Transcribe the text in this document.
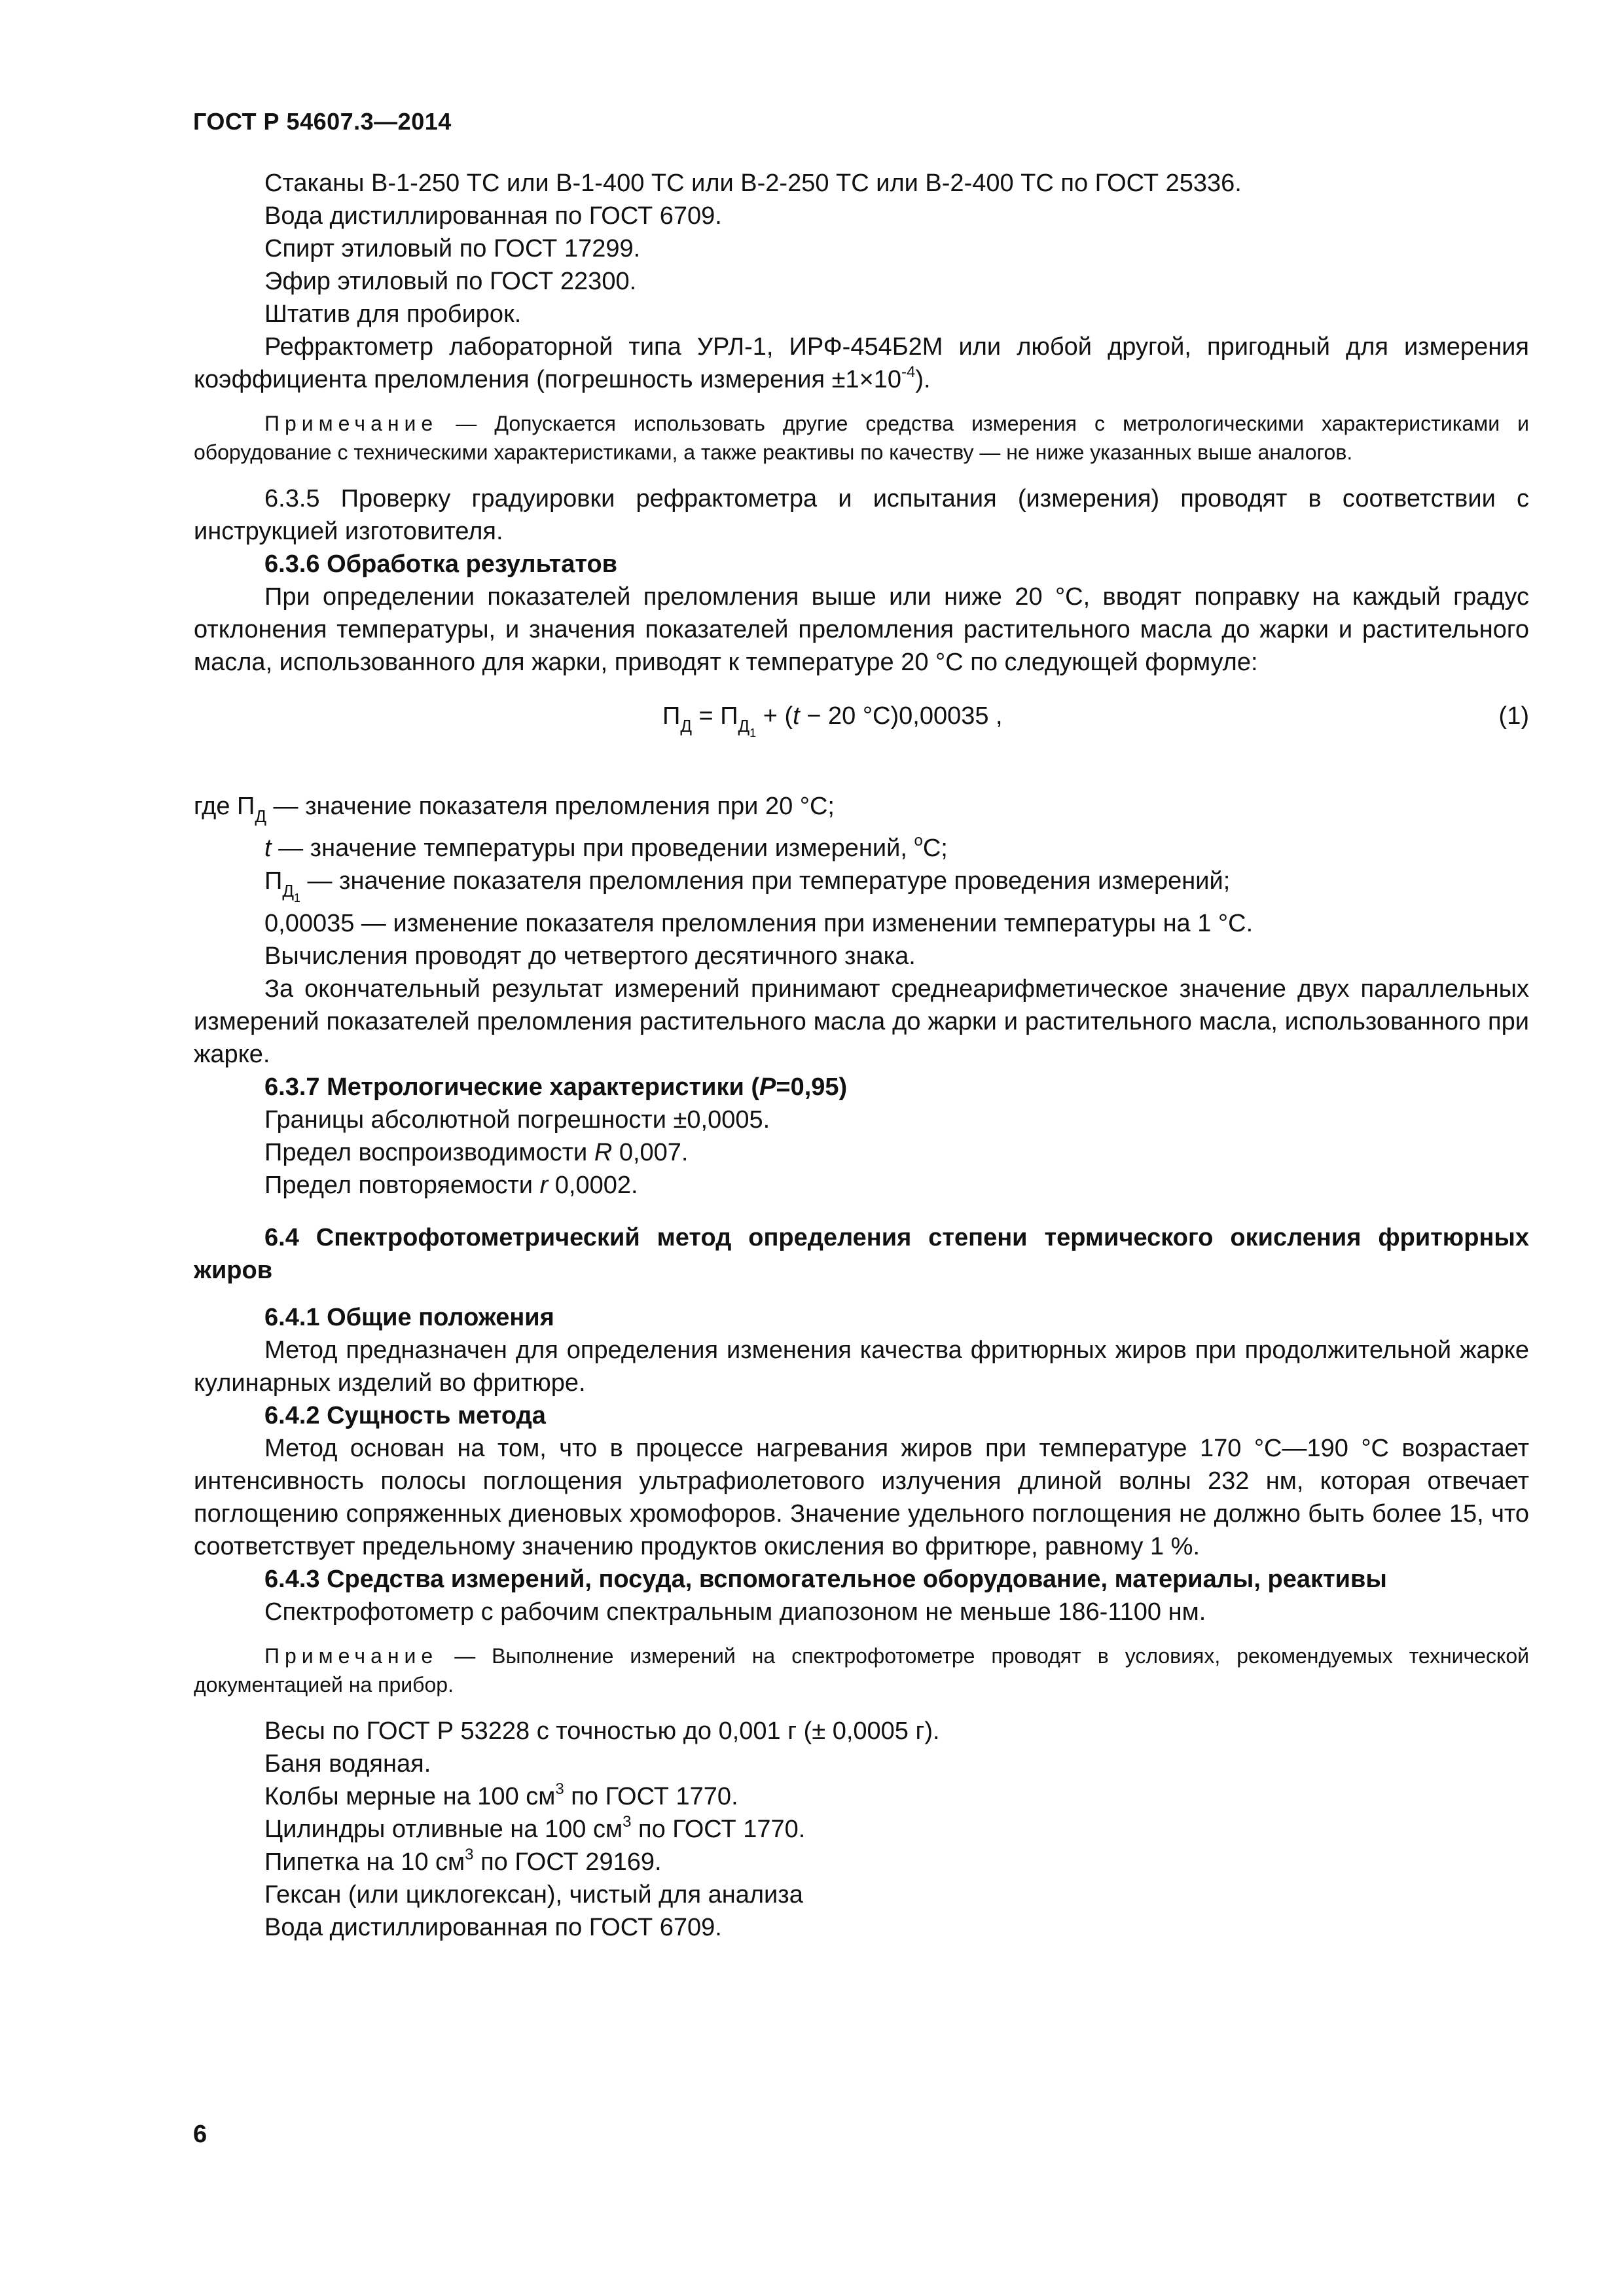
ГОСТ Р 54607.3—2014

Стаканы В-1-250 ТС или В-1-400 ТС или В-2-250 ТС или В-2-400 ТС по ГОСТ 25336.

Вода дистиллированная по ГОСТ 6709.

Спирт этиловый по ГОСТ 17299.

Эфир этиловый по ГОСТ 22300.

Штатив для пробирок.

Рефрактометр лабораторной типа УРЛ-1, ИРФ-454Б2М или любой другой, пригодный для измерения коэффициента преломления (погрешность измерения $\pm 1\times 10^{-4}$).

Примечание — Допускается использовать другие средства измерения с метрологическими характеристиками и оборудование с техническими характеристиками, а также реактивы по качеству — не ниже указанных выше аналогов.

6.3.5 Проверку градуировки рефрактометра и испытания (измерения) проводят в соответствии с инструкцией изготовителя.

6.3.6 Обработка результатов

При определении показателей преломления выше или ниже 20 °С, вводят поправку на каждый градус отклонения температуры, и значения показателей преломления растительного масла до жарки и растительного масла, использованного для жарки, приводят к температуре 20 °С по следующей формуле:

$П_Д = П_{Д_1} + (t - 20$ °С)0,00035 ,	(1)

где $П_Д$ — значение показателя преломления при 20 °С;

t — значение температуры при проведении измерений, $^o$С;

$П_{Д_1}$ — значение показателя преломления при температуре проведения измерений;

0,00035 — изменение показателя преломления при изменении температуры на 1 °С.

Вычисления проводят до четвертого десятичного знака.

За окончательный результат измерений принимают среднеарифметическое значение двух параллельных измерений показателей преломления растительного масла до жарки и растительного масла, использованного при жарке.

6.3.7 Метрологические характеристики (Р=0,95)

Границы абсолютной погрешности ±0,0005.

Предел воспроизводимости R 0,007.

Предел повторяемости r 0,0002.

6.4 Спектрофотометрический метод определения степени термического окисления фритюрных жиров

6.4.1 Общие положения

Метод предназначен для определения изменения качества фритюрных жиров при продолжительной жарке кулинарных изделий во фритюре.

6.4.2 Сущность метода

Метод основан на том, что в процессе нагревания жиров при температуре 170 °С—190 °С возрастает интенсивность полосы поглощения ультрафиолетового излучения длиной волны 232 нм, которая отвечает поглощению сопряженных диеновых хромофоров. Значение удельного поглощения не должно быть более 15, что соответствует предельному значению продуктов окисления во фритюре, равному 1 %.

6.4.3 Средства измерений, посуда, вспомогательное оборудование, материалы, реактивы

Спектрофотометр с рабочим спектральным диапозоном не меньше 186-1100 нм.

Примечание — Выполнение измерений на спектрофотометре проводят в условиях, рекомендуемых технической документацией на прибор.

Весы по ГОСТ Р 53228 с точностью до 0,001 г (± 0,0005 г).

Баня водяная.

Колбы мерные на 100 $см^3$ по ГОСТ 1770.

Цилиндры отливные на 100 $см^3$ по ГОСТ 1770.

Пипетка на 10 $см^3$ по ГОСТ 29169.

Гексан (или циклогексан), чистый для анализа

Вода дистиллированная по ГОСТ 6709.

6
